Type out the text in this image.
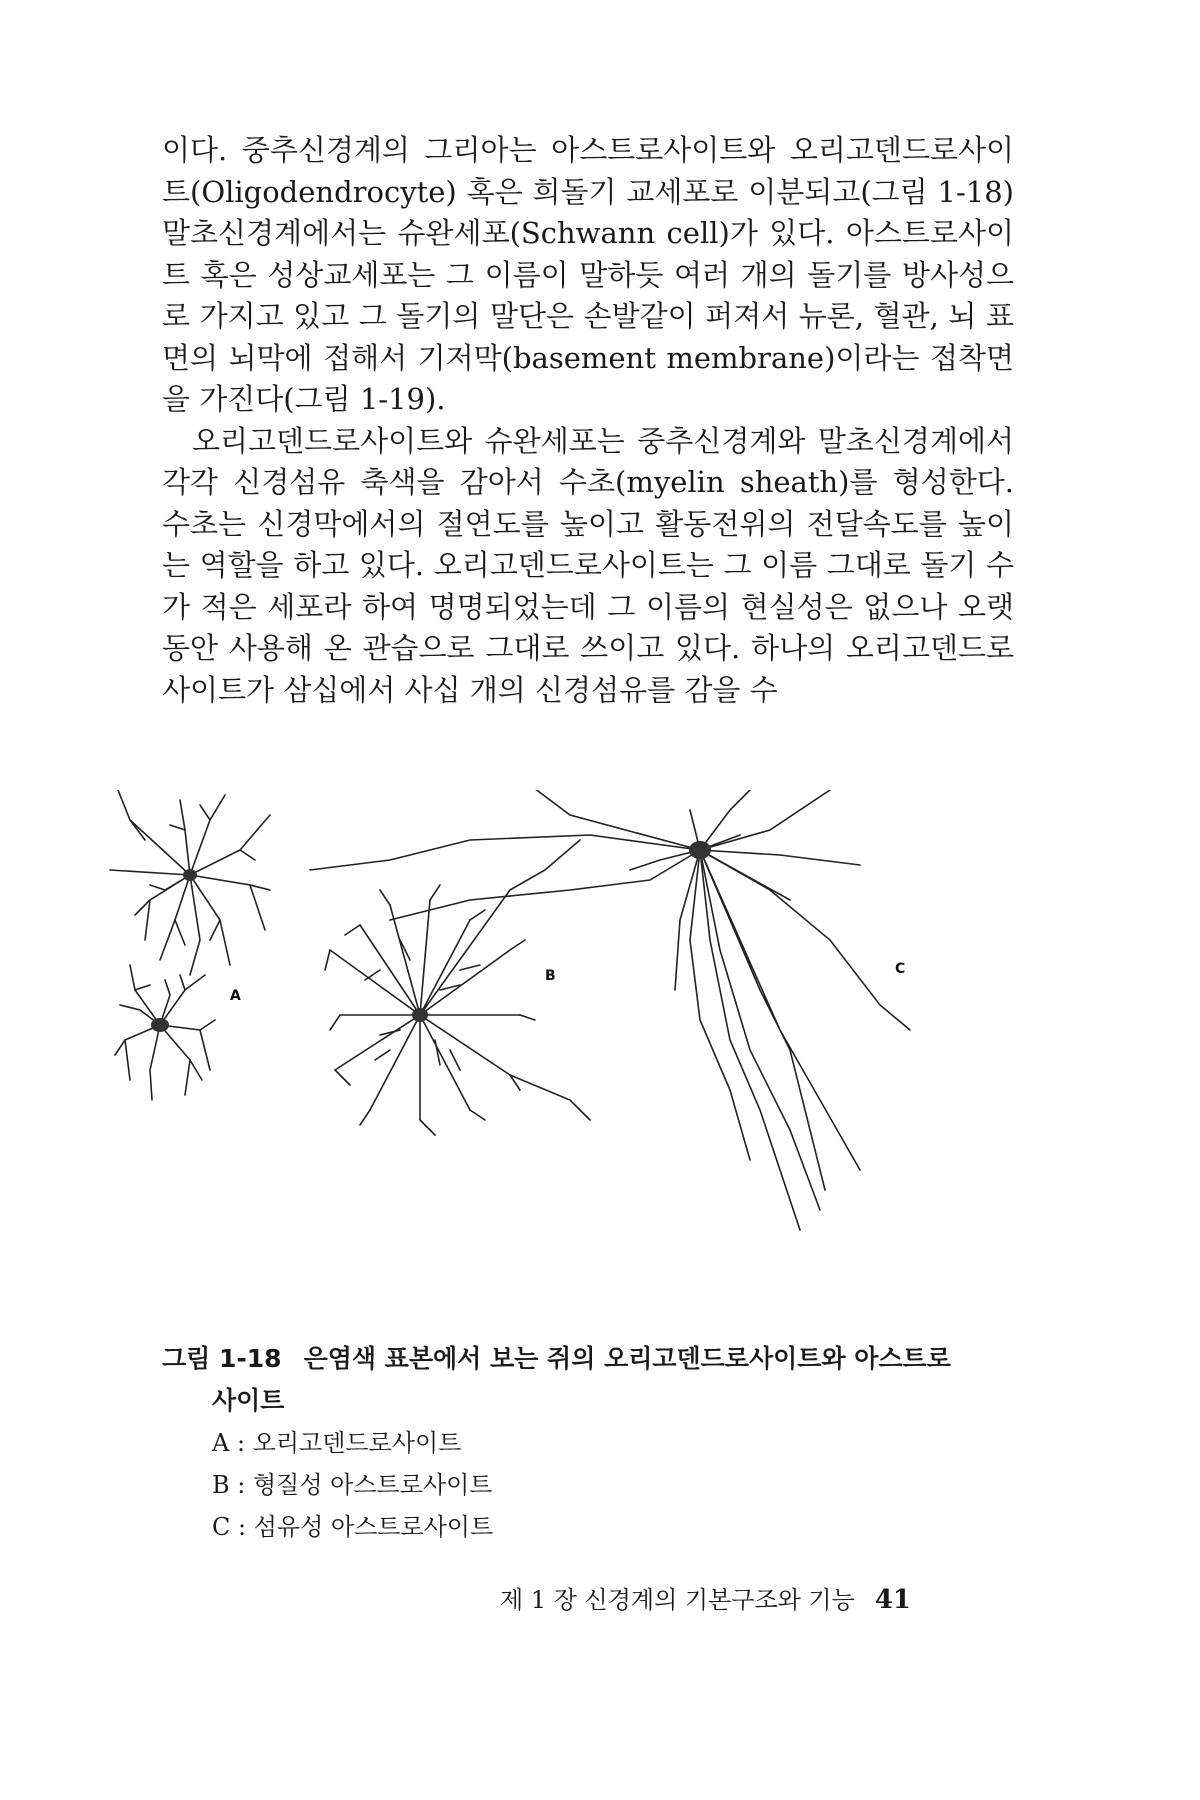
이다. 중추신경계의 그리아는 아스트로사이트와 오리고덴드로사이트(Oligodendrocyte) 혹은 희돌기 교세포로 이분되고(그림 1-18) 말초신경계에서는 슈완세포(Schwann cell)가 있다. 아스트로사이트 혹은 성상교세포는 그 이름이 말하듯 여러 개의 돌기를 방사성으로 가지고 있고 그 돌기의 말단은 손발같이 퍼져서 뉴론, 혈관, 뇌 표면의 뇌막에 접해서 기저막(basement membrane)이라는 접착면을 가진다(그림 1-19).

오리고덴드로사이트와 슈완세포는 중추신경계와 말초신경계에서 각각 신경섬유 축색을 감아서 수초(myelin sheath)를 형성한다. 수초는 신경막에서의 절연도를 높이고 활동전위의 전달속도를 높이는 역할을 하고 있다. 오리고덴드로사이트는 그 이름 그대로 돌기 수가 적은 세포라 하여 명명되었는데 그 이름의 현실성은 없으나 오랫동안 사용해 온 관습으로 그대로 쓰이고 있다. 하나의 오리고덴드로사이트가 삼십에서 사십 개의 신경섬유를 감을 수

A
B	C
그림 1-18 은염색 표본에서 보는 쥐의 오리고덴드로사이트와 아스트로
사이트
A : 오리고덴드로사이트
B : 형질성 아스트로사이트
C : 섬유성 아스트로사이트
제 1 장 신경계의 기본구조와 기능 41
